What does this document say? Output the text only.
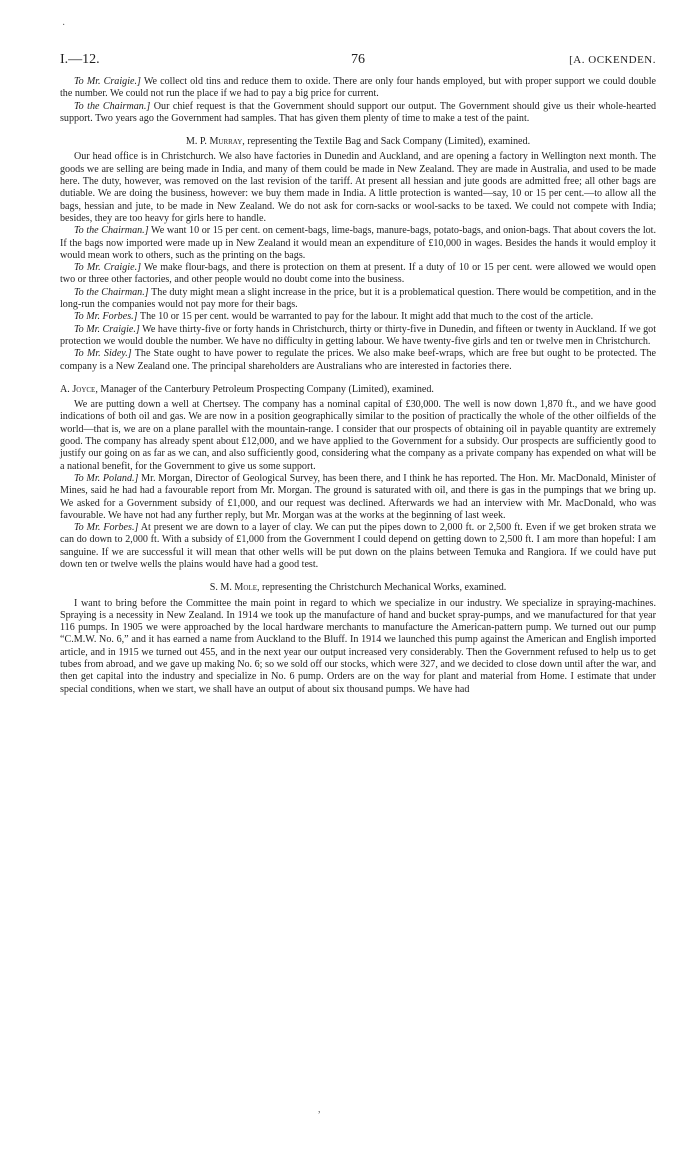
·
I.—12.	76	[A. OCKENDEN.

To Mr. Craigie.] We collect old tins and reduce them to oxide. There are only four hands employed, but with proper support we could double the number. We could not run the place if we had to pay a big price for current.

To the Chairman.] Our chief request is that the Government should support our output. The Government should give us their whole-hearted support. Two years ago the Government had samples. That has given them plenty of time to make a test of the paint.

M. P. Murray, representing the Textile Bag and Sack Company (Limited), examined.

Our head office is in Christchurch. We also have factories in Dunedin and Auckland, and are opening a factory in Wellington next month. The goods we are selling are being made in India, and many of them could be made in New Zealand. They are made in Australia, and used to be made here. The duty, however, was removed on the last revision of the tariff. At present all hessian and jute goods are admitted free; all other bags are dutiable. We are doing the business, however: we buy them made in India. A little protection is wanted—say, 10 or 15 per cent.—to allow all the bags, hessian and jute, to be made in New Zealand. We do not ask for corn-sacks or wool-sacks to be taxed. We could not compete with India; besides, they are too heavy for girls here to handle.

To the Chairman.] We want 10 or 15 per cent. on cement-bags, lime-bags, manure-bags, potato-bags, and onion-bags. That about covers the lot. If the bags now imported were made up in New Zealand it would mean an expenditure of £10,000 in wages. Besides the hands it would employ it would mean work to others, such as the printing on the bags.

To Mr. Craigie.] We make flour-bags, and there is protection on them at present. If a duty of 10 or 15 per cent. were allowed we would open two or three other factories, and other people would no doubt come into the business.

To the Chairman.] The duty might mean a slight increase in the price, but it is a problematical question. There would be competition, and in the long-run the companies would not pay more for their bags.

To Mr. Forbes.] The 10 or 15 per cent. would be warranted to pay for the labour. It might add that much to the cost of the article.

To Mr. Craigie.] We have thirty-five or forty hands in Christchurch, thirty or thirty-five in Dunedin, and fifteen or twenty in Auckland. If we got protection we would double the number. We have no difficulty in getting labour. We have twenty-five girls and ten or twelve men in Christchurch.

To Mr. Sidey.] The State ought to have power to regulate the prices. We also make beef-wraps, which are free but ought to be protected. The company is a New Zealand one. The principal shareholders are Australians who are interested in factories there.

A. Joyce, Manager of the Canterbury Petroleum Prospecting Company (Limited), examined.

We are putting down a well at Chertsey. The company has a nominal capital of £30,000. The well is now down 1,870 ft., and we have good indications of both oil and gas. We are now in a position geographically similar to the position of practically the whole of the other oilfields of the world—that is, we are on a plane parallel with the mountain-range. I consider that our prospects of obtaining oil in payable quantity are extremely good. The company has already spent about £12,000, and we have applied to the Government for a subsidy. Our prospects are sufficiently good to justify our going on as far as we can, and also sufficiently good, considering what the company as a private company has expended on what will be a national benefit, for the Government to give us some support.

To Mr. Poland.] Mr. Morgan, Director of Geological Survey, has been there, and I think he has reported. The Hon. Mr. MacDonald, Minister of Mines, said he had had a favourable report from Mr. Morgan. The ground is saturated with oil, and there is gas in the pumpings that we bring up. We asked for a Government subsidy of £1,000, and our request was declined. Afterwards we had an interview with Mr. MacDonald, who was favourable. We have not had any further reply, but Mr. Morgan was at the works at the beginning of last week.

To Mr. Forbes.] At present we are down to a layer of clay. We can put the pipes down to 2,000 ft. or 2,500 ft. Even if we get broken strata we can do down to 2,000 ft. With a subsidy of £1,000 from the Government I could depend on getting down to 2,500 ft. I am more than hopeful: I am sanguine. If we are successful it will mean that other wells will be put down on the plains between Temuka and Rangiora. If we could have put down ten or twelve wells the plains would have had a good test.

S. M. Mole, representing the Christchurch Mechanical Works, examined.

I want to bring before the Committee the main point in regard to which we specialize in our industry. We specialize in spraying-machines. Spraying is a necessity in New Zealand. In 1914 we took up the manufacture of hand and bucket spray-pumps, and we manufactured for that year 116 pumps. In 1905 we were approached by the local hardware merchants to manufacture the American-pattern pump. We turned out our pump “C.M.W. No. 6,” and it has earned a name from Auckland to the Bluff. In 1914 we launched this pump against the American and English imported article, and in 1915 we turned out 455, and in the next year our output increased very considerably. Then the Government refused to help us to get tubes from abroad, and we gave up making No. 6; so we sold off our stocks, which were 327, and we decided to close down until after the war, and then get capital into the industry and specialize in No. 6 pump. Orders are on the way for plant and material from Home. I estimate that under special conditions, when we start, we shall have an output of about six thousand pumps. We have had

,
